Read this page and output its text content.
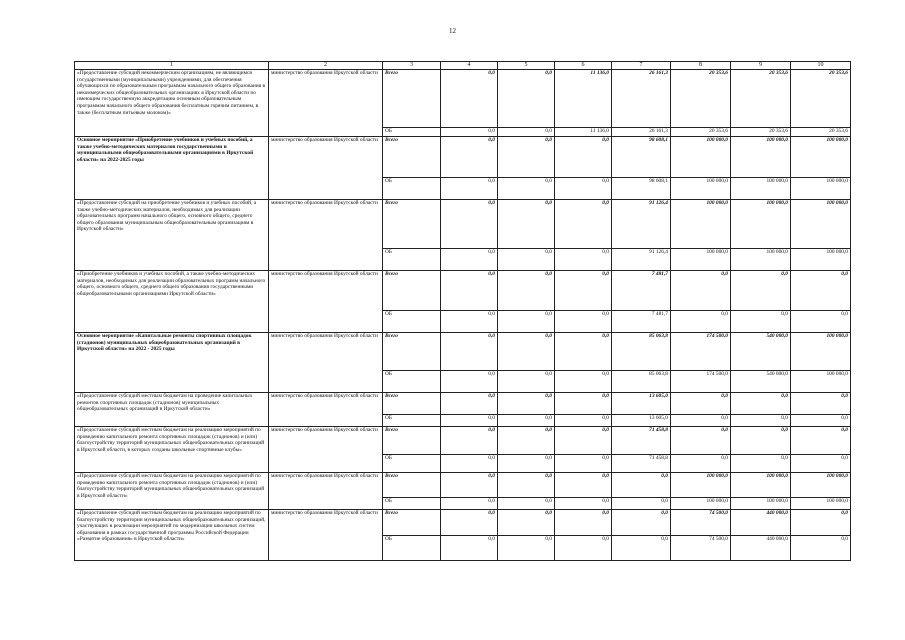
12
1	2	3	4	5	6	7	8	9	10
«Предоставление субсидий некоммерческим организациям, не являющимся государственными (муниципальными) учреждениями, для обеспечения обучающихся по образовательным программам начального общего образования в некоммерческих общеобразовательных организациях в Иркутской области по имеющим государственную аккредитацию основным образовательным программам начального общего образования бесплатным горячим питанием, в также (бесплатным питьевым молоком)»	министерство образования Иркутской области	Всего	0,0	0,0	11 136,0	26 161,3	20 353,6	20 353,6	20 353,6
		ОБ	0,0	0,0	11 136,0	26 161,3	20 353,6	20 353,6	20 353,6
Основное мероприятие «Приобретение учебников и учебных пособий, а также учебно-методических материалов государственными и муниципальными общеобразовательными организациями в Иркутской области» на 2022-2025 годы	министерство образования Иркутской области	Всего	0,0	0,0	0,0	98 608,1	100 000,0	100 000,0	100 000,0
		ОБ	0,0	0,0	0,0	98 608,1	100 000,0	100 000,0	100 000,0
«Предоставление субсидий на приобретение учебников и учебных пособий, а также учебно-методических материалов, необходимых для реализации образовательных программ начального общего, основного общего, среднего общего образования муниципальным общеобразовательным организациям в Иркутской области»	министерство образования Иркутской области	Всего	0,0	0,0	0,0	91 126,4	100 000,0	100 000,0	100 000,0
		ОБ	0,0	0,0	0,0	91 126,4	100 000,0	100 000,0	100 000,0
«Приобретение учебников и учебных пособий, а также учебно-методических материалов, необходимых для реализации образовательных программ начального общего, основного общего, среднего общего образования государственными общеобразовательными организациями Иркутской области»	министерство образования Иркутской области	Всего	0,0	0,0	0,0	7 481,7	0,0	0,0	0,0
		ОБ	0,0	0,0	0,0	7 481,7	0,0	0,0	0,0
Основное мероприятие «Капитальные ремонты спортивных площадок (стадионов) муниципальных общеобразовательных организаций в Иркутской области» на 2022 - 2025 годы	министерство образования Иркутской области	Всего	0,0	0,0	0,0	85 063,8	174 500,0	540 000,0	100 000,0
		ОБ	0,0	0,0	0,0	85 063,8	174 500,0	540 000,0	100 000,0
«Предоставление субсидий местным бюджетам на проведение капитальных ремонтов спортивных площадок (стадионов) муниципальных общеобразовательных организаций в Иркутской области»	министерство образования Иркутской области	Всего	0,0	0,0	0,0	13 605,0	0,0	0,0	0,0
		ОБ	0,0	0,0	0,0	13 605,0	0,0	0,0	0,0
«Предоставление субсидий местным бюджетам на реализацию мероприятий по проведению капитального ремонта спортивных площадок (стадионов) и (или) благоустройству территорий муниципальных общеобразовательных организаций в Иркутской области, в которых созданы школьные спортивные клубы»	министерство образования Иркутской области	Всего	0,0	0,0	0,0	71 458,8	0,0	0,0	0,0
		ОБ	0,0	0,0	0,0	71 458,8	0,0	0,0	0,0
«Предоставление субсидий местным бюджетам на реализацию мероприятий по проведению капитального ремонта спортивных площадок (стадионов) и (или) благоустройству территорий муниципальных общеобразовательных организаций в Иркутской области»	министерство образования Иркутской области	Всего	0,0	0,0	0,0	0,0	100 000,0	100 000,0	100 000,0
		ОБ	0,0	0,0	0,0	0,0	100 000,0	100 000,0	100 000,0
«Предоставление субсидий местным бюджетам на реализацию мероприятий по благоустройству территории муниципальных общеобразовательных организаций, участвующих в реализации мероприятий по модернизации школьных систем образования в рамках государственной программы Российской Федерации «Развитие образования» в Иркутской области»	министерство образования Иркутской области	Всего	0,0	0,0	0,0	0,0	74 500,0	440 000,0	0,0
		ОБ	0,0	0,0	0,0	0,0	74 500,0	440 000,0	0,0
